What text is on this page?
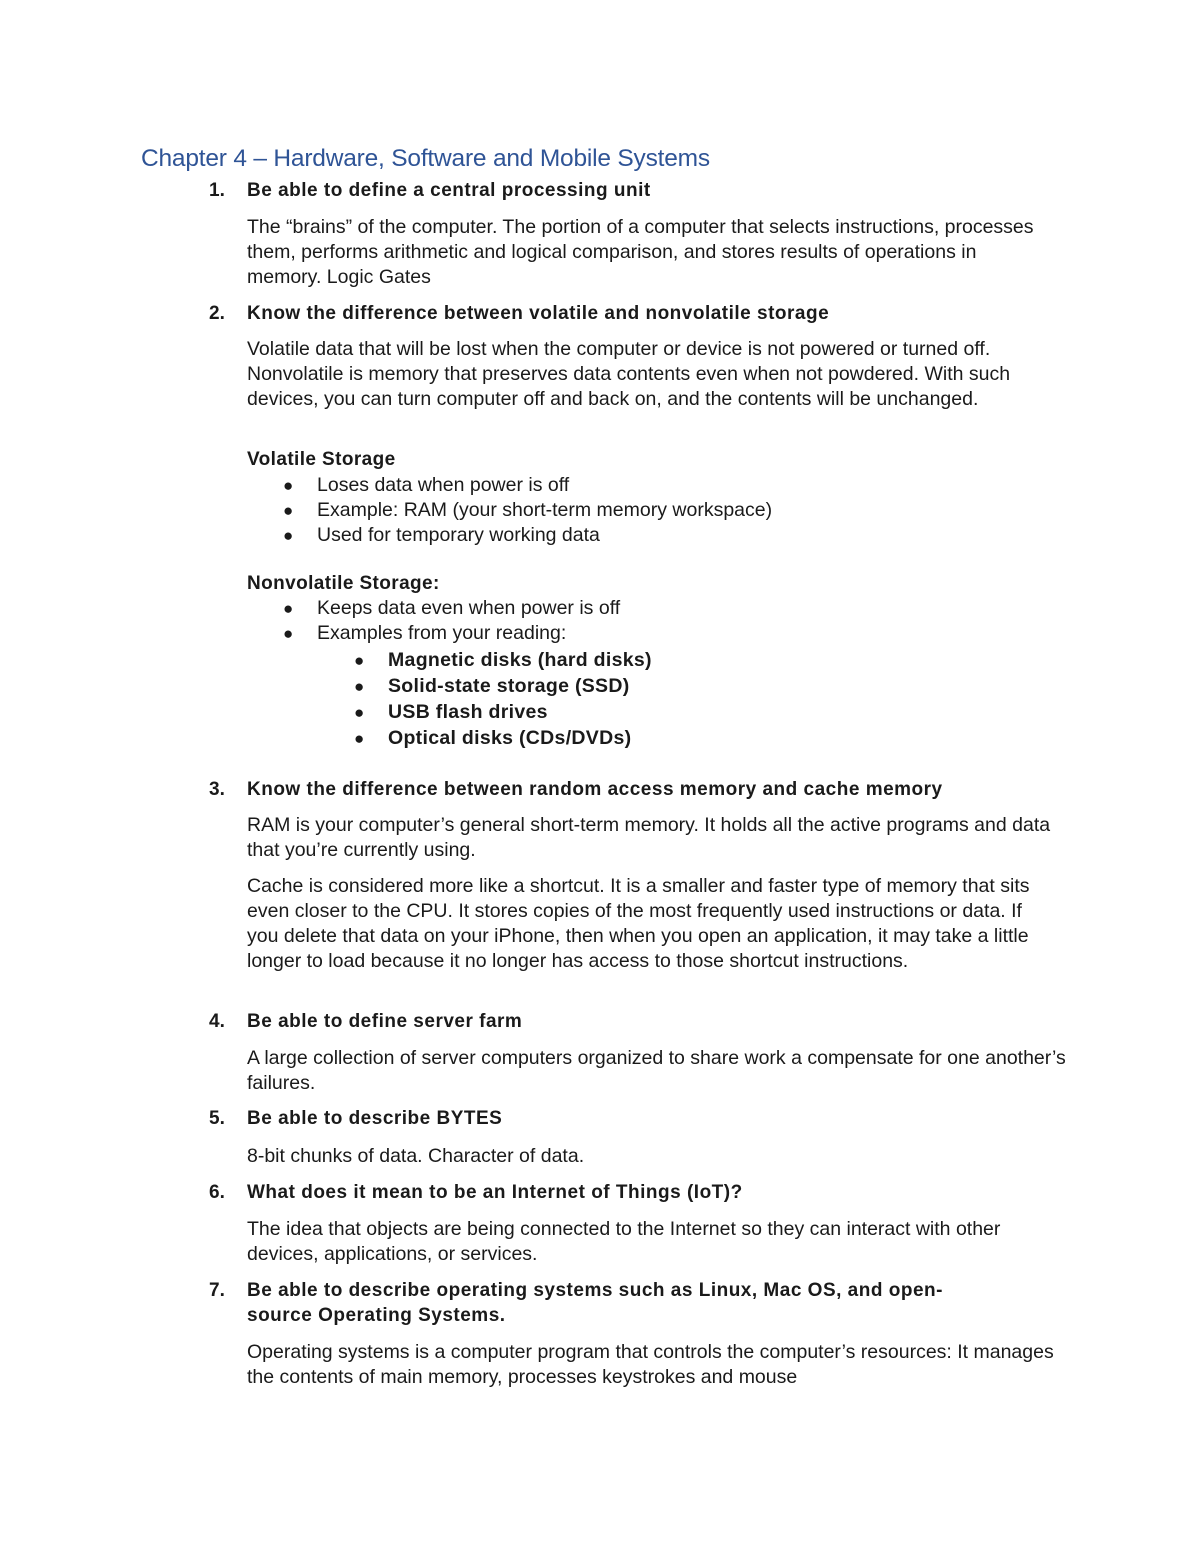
Chapter 4 – Hardware, Software and Mobile Systems
1. Be able to define a central processing unit
The “brains” of the computer. The portion of a computer that selects instructions, processes them, performs arithmetic and logical comparison, and stores results of operations in memory. Logic Gates
2. Know the difference between volatile and nonvolatile storage
Volatile data that will be lost when the computer or device is not powered or turned off. Nonvolatile is memory that preserves data contents even when not powdered. With such devices, you can turn computer off and back on, and the contents will be unchanged.
Volatile Storage
● Loses data when power is off
● Example: RAM (your short-term memory workspace)
● Used for temporary working data
Nonvolatile Storage:
● Keeps data even when power is off
● Examples from your reading:
● Magnetic disks (hard disks)
● Solid-state storage (SSD)
● USB flash drives
● Optical disks (CDs/DVDs)
3. Know the difference between random access memory and cache memory
RAM is your computer’s general short-term memory. It holds all the active programs and data that you’re currently using.
Cache is considered more like a shortcut. It is a smaller and faster type of memory that sits even closer to the CPU. It stores copies of the most frequently used instructions or data. If you delete that data on your iPhone, then when you open an application, it may take a little longer to load because it no longer has access to those shortcut instructions.
4. Be able to define server farm
A large collection of server computers organized to share work a compensate for one another’s failures.
5. Be able to describe BYTES
8-bit chunks of data. Character of data.
6. What does it mean to be an Internet of Things (IoT)?
The idea that objects are being connected to the Internet so they can interact with other devices, applications, or services.
7. Be able to describe operating systems such as Linux, Mac OS, and open-
source Operating Systems.
Operating systems is a computer program that controls the computer’s resources: It manages the contents of main memory, processes keystrokes and mouse
